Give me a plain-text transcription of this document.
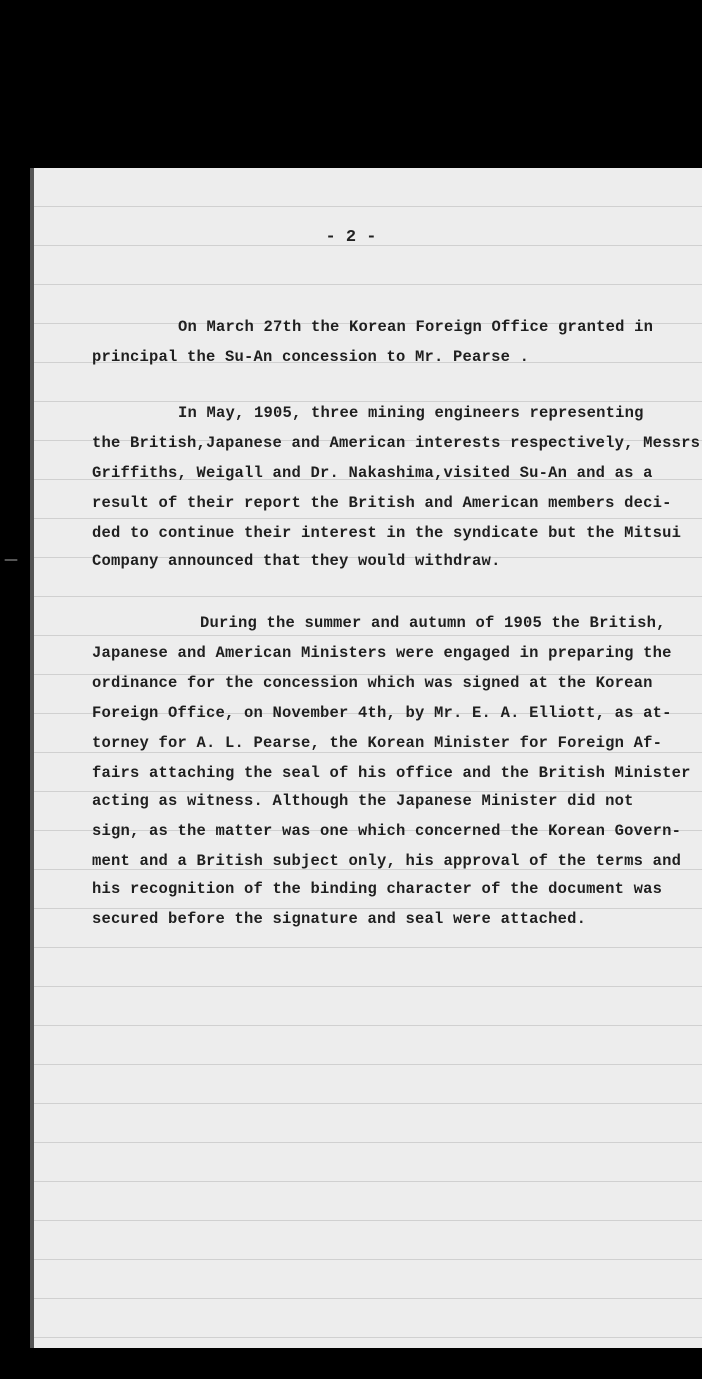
- 2 -
On March 27th the Korean Foreign Office granted in
principal the Su-An concession to Mr. Pearse .
In May, 1905, three mining engineers representing
the British,Japanese and American interests respectively, Messrs
Griffiths, Weigall and Dr. Nakashima,visited Su-An and as a
result of their report the British and American members deci-
ded to continue their interest in the syndicate but the Mitsui
Company announced that they would withdraw.
—
During the summer and autumn of 1905 the British,
Japanese and American Ministers were engaged in preparing the
ordinance for the concession which was signed at the Korean
Foreign Office, on November 4th, by Mr. E. A. Elliott, as at-
torney for A. L. Pearse, the Korean Minister for Foreign Af-
fairs attaching the seal of his office and the British Minister
acting as witness. Although the Japanese Minister did not
sign, as the matter was one which concerned the Korean Govern-
ment and a British subject only, his approval of the terms and
his recognition of the binding character of the document was
secured before the signature and seal were attached.
